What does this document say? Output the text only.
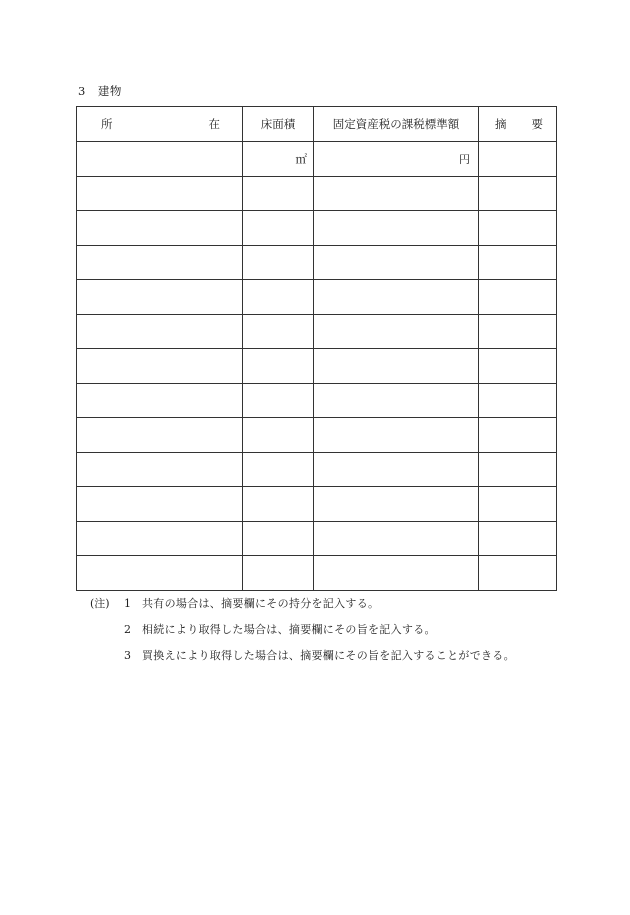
3 建物
所 在	床面積	固定資産税の課税標準額	摘 要

	㎡	円	

(注) 1 共有の場合は、摘要欄にその持分を記入する。
2 相続により取得した場合は、摘要欄にその旨を記入する。
3 買換えにより取得した場合は、摘要欄にその旨を記入することができる。
